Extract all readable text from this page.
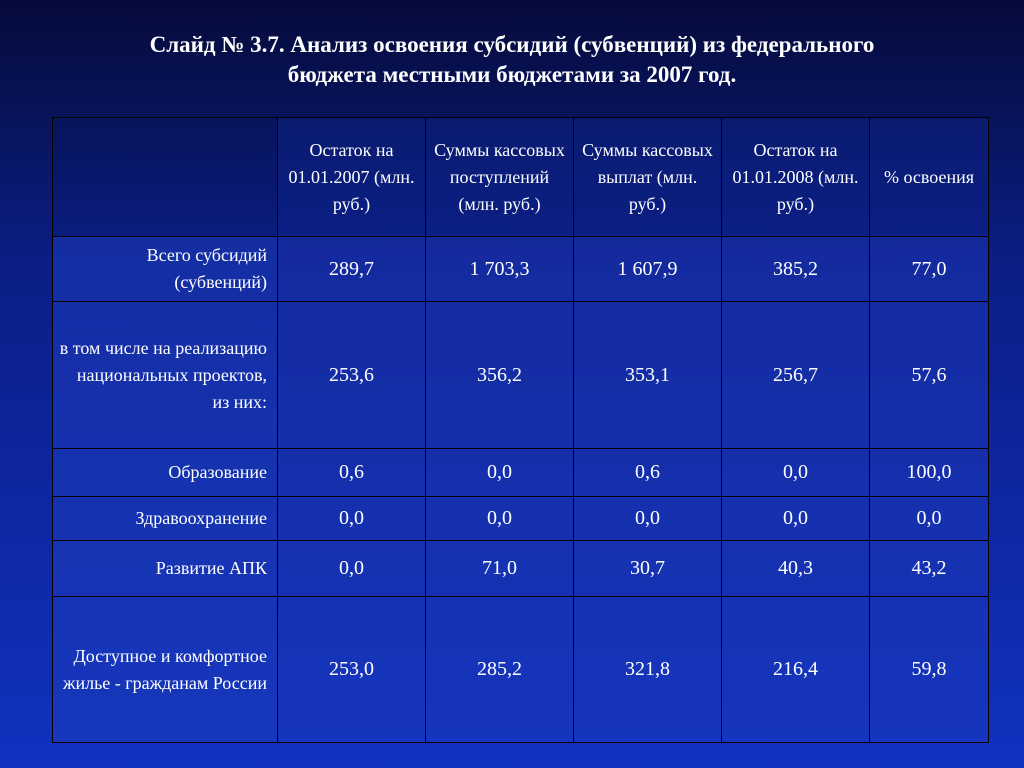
Слайд № 3.7. Анализ освоения субсидий (субвенций) из федерального
бюджета местными бюджетами за 2007 год.
	Остаток на 01.01.2007 (млн. руб.)	Суммы кассовых поступлений (млн. руб.)	Суммы кассовых выплат (млн. руб.)	Остаток на 01.01.2008 (млн. руб.)	% освоения
Всего субсидий (субвенций)	289,7	1 703,3	1 607,9	385,2	77,0
в том числе на реализацию национальных проектов, из них:	253,6	356,2	353,1	256,7	57,6
Образование	0,6	0,0	0,6	0,0	100,0
Здравоохранение	0,0	0,0	0,0	0,0	0,0
Развитие АПК	0,0	71,0	30,7	40,3	43,2
Доступное и комфортное жилье - гражданам России	253,0	285,2	321,8	216,4	59,8
